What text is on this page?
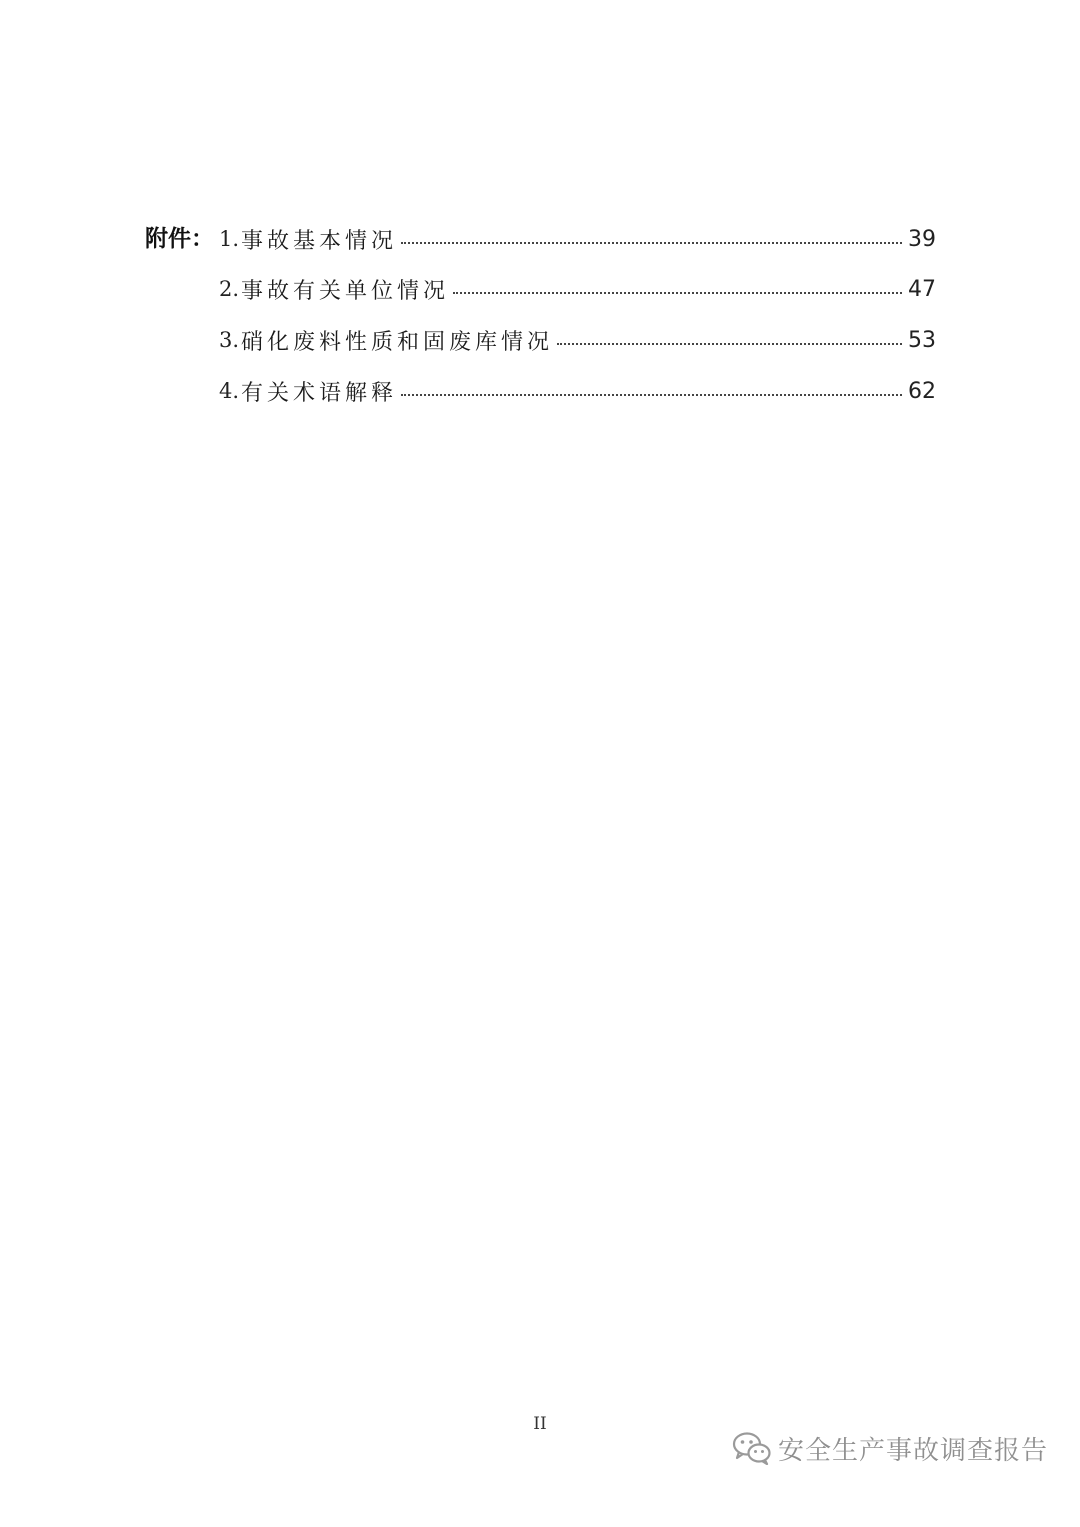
附件： 1. 事故基本情况	39
2. 事故有关单位情况	47
3. 硝化废料性质和固废库情况	53
4. 有关术语解释	62
II
安全生产事故调查报告
